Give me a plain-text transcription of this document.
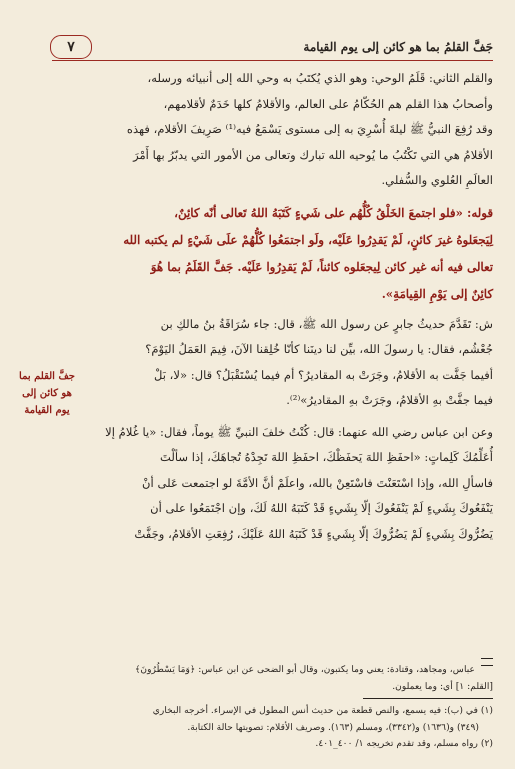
جَفَّ القلمُ بما هو كائن إلى يوم القيامة
٧

والقلم الثاني: قَلَمُ الوحي: وهو الذي يُكتَبُ به وحي الله إلى أنبيائه ورسله،

وأصحابُ هذا القلم هم الحُكّامُ على العالم، والأقلامُ كلها خَدَمٌ لأقلامهم،

وقد رُفِعَ النبيُّ ﷺ ليلةَ أُسْرِيَ به إلى مستوى يَسْمَعُ فيه⁽¹⁾ صَرِيفَ الأقلام، فهذه

الأقلامُ هي التي تَكْتُبُ ما يُوحيه الله تبارك وتعالى من الأمور التي يدبّرُ بها أَمْرَ

العالَمِ العُلوي والسُّفلي.

قوله: «فلو اجتمعَ الخَلْقُ كُلُّهُم على شَيءٍ كَتَبَهُ اللهُ تَعالى أنّه كائِنٌ،

لِيَجعَلوهُ غيرَ كائنٍ، لَمْ يَقدِرُوا عَلَيْه، ولَو اجتمَعُوا كُلُّهُمْ علَى شَيْءٍ لم يكتبه الله

تعالى فيه أنه غير كائن لِيجعَلوه كائناً، لَمْ يَقدِرُوا عَلَيْه. جَفَّ القَلَمُ بما هُوَ

كائِنٌ إلى يَوْمِ القِيامَةِ».

ش: تَقَدَّمَ حديثُ جابرٍ عن رسول الله ﷺ، قال: جاء سُرَاقَةُ بنُ مالكِ بن

جُعْشُم، فقال: يا رسولَ الله، بيِّن لنا دينَنا كأنّا خُلِقنا الآنَ، فِيمَ العَمَلُ اليَوْمَ؟

أفيما جَفَّت به الأقلامُ، وجَرَتْ به المقاديرُ؟ أم فيما يُسْتَقْبَلُ؟ قال: «لا، بَلْ

فيما جفَّتْ بهِ الأقلامُ، وجَرَتْ بهِ المقاديرُ»⁽²⁾.

وعن ابن عباس رضي الله عنهما: قال: كُنْتُ خلفَ النبيِّ ﷺ يوماً، فقال: «يا غُلامُ إلا

أُعَلِّمُكَ كَلِماتٍ: «احفَظِ اللهَ يَحفَظْكَ، احفَظِ اللهَ تَجِدْهُ تُجاهَكَ، إذا سألْتَ

فاسألِ الله، وإذا اسْتَعَنْتَ فاسْتَعِنْ بالله، واعلَمْ أنَّ الأمَّةَ لو اجتمعت عَلى أنْ

يَنْفَعُوكَ بِشَيءٍ لَمْ يَنْفَعُوكَ إلّا بِشَيءٍ قَدْ كَتَبَهُ اللهُ لَكَ، وإن اجْتَمَعُوا على أن

يَضُرُّوكَ بِشَيءٍ لَمْ يَضُرُّوكَ إلّا بِشَيءٍ قَدْ كَتَبَهُ اللهُ عَلَيْكَ، رُفِعَتِ الأقلامُ، وجَفَّتْ

جفَّ القلم بما
هو كائن إلى
يوم القيامة

عباس، ومجاهد، وقتادة: يعني وما يكتبون، وقال أبو الضحى عن ابن عباس: ﴿وَمَا يَسْطُرُونَ﴾

[القلم: ١] أي: وما يعملون.

(١) في (ب): فيه يسمع، والنص قطعة من حديث أنس المطول في الإسراء. أخرجه البخاري

(٣٤٩) و(١٦٣٦) و(٣٣٤٢)، ومسلم (١٦٣). وصريف الأقلام: تصويتها حالة الكتابة.

(٢) رواه مسلم، وقد تقدم تخريجه ١/ ٤٠٠_٤٠١.
